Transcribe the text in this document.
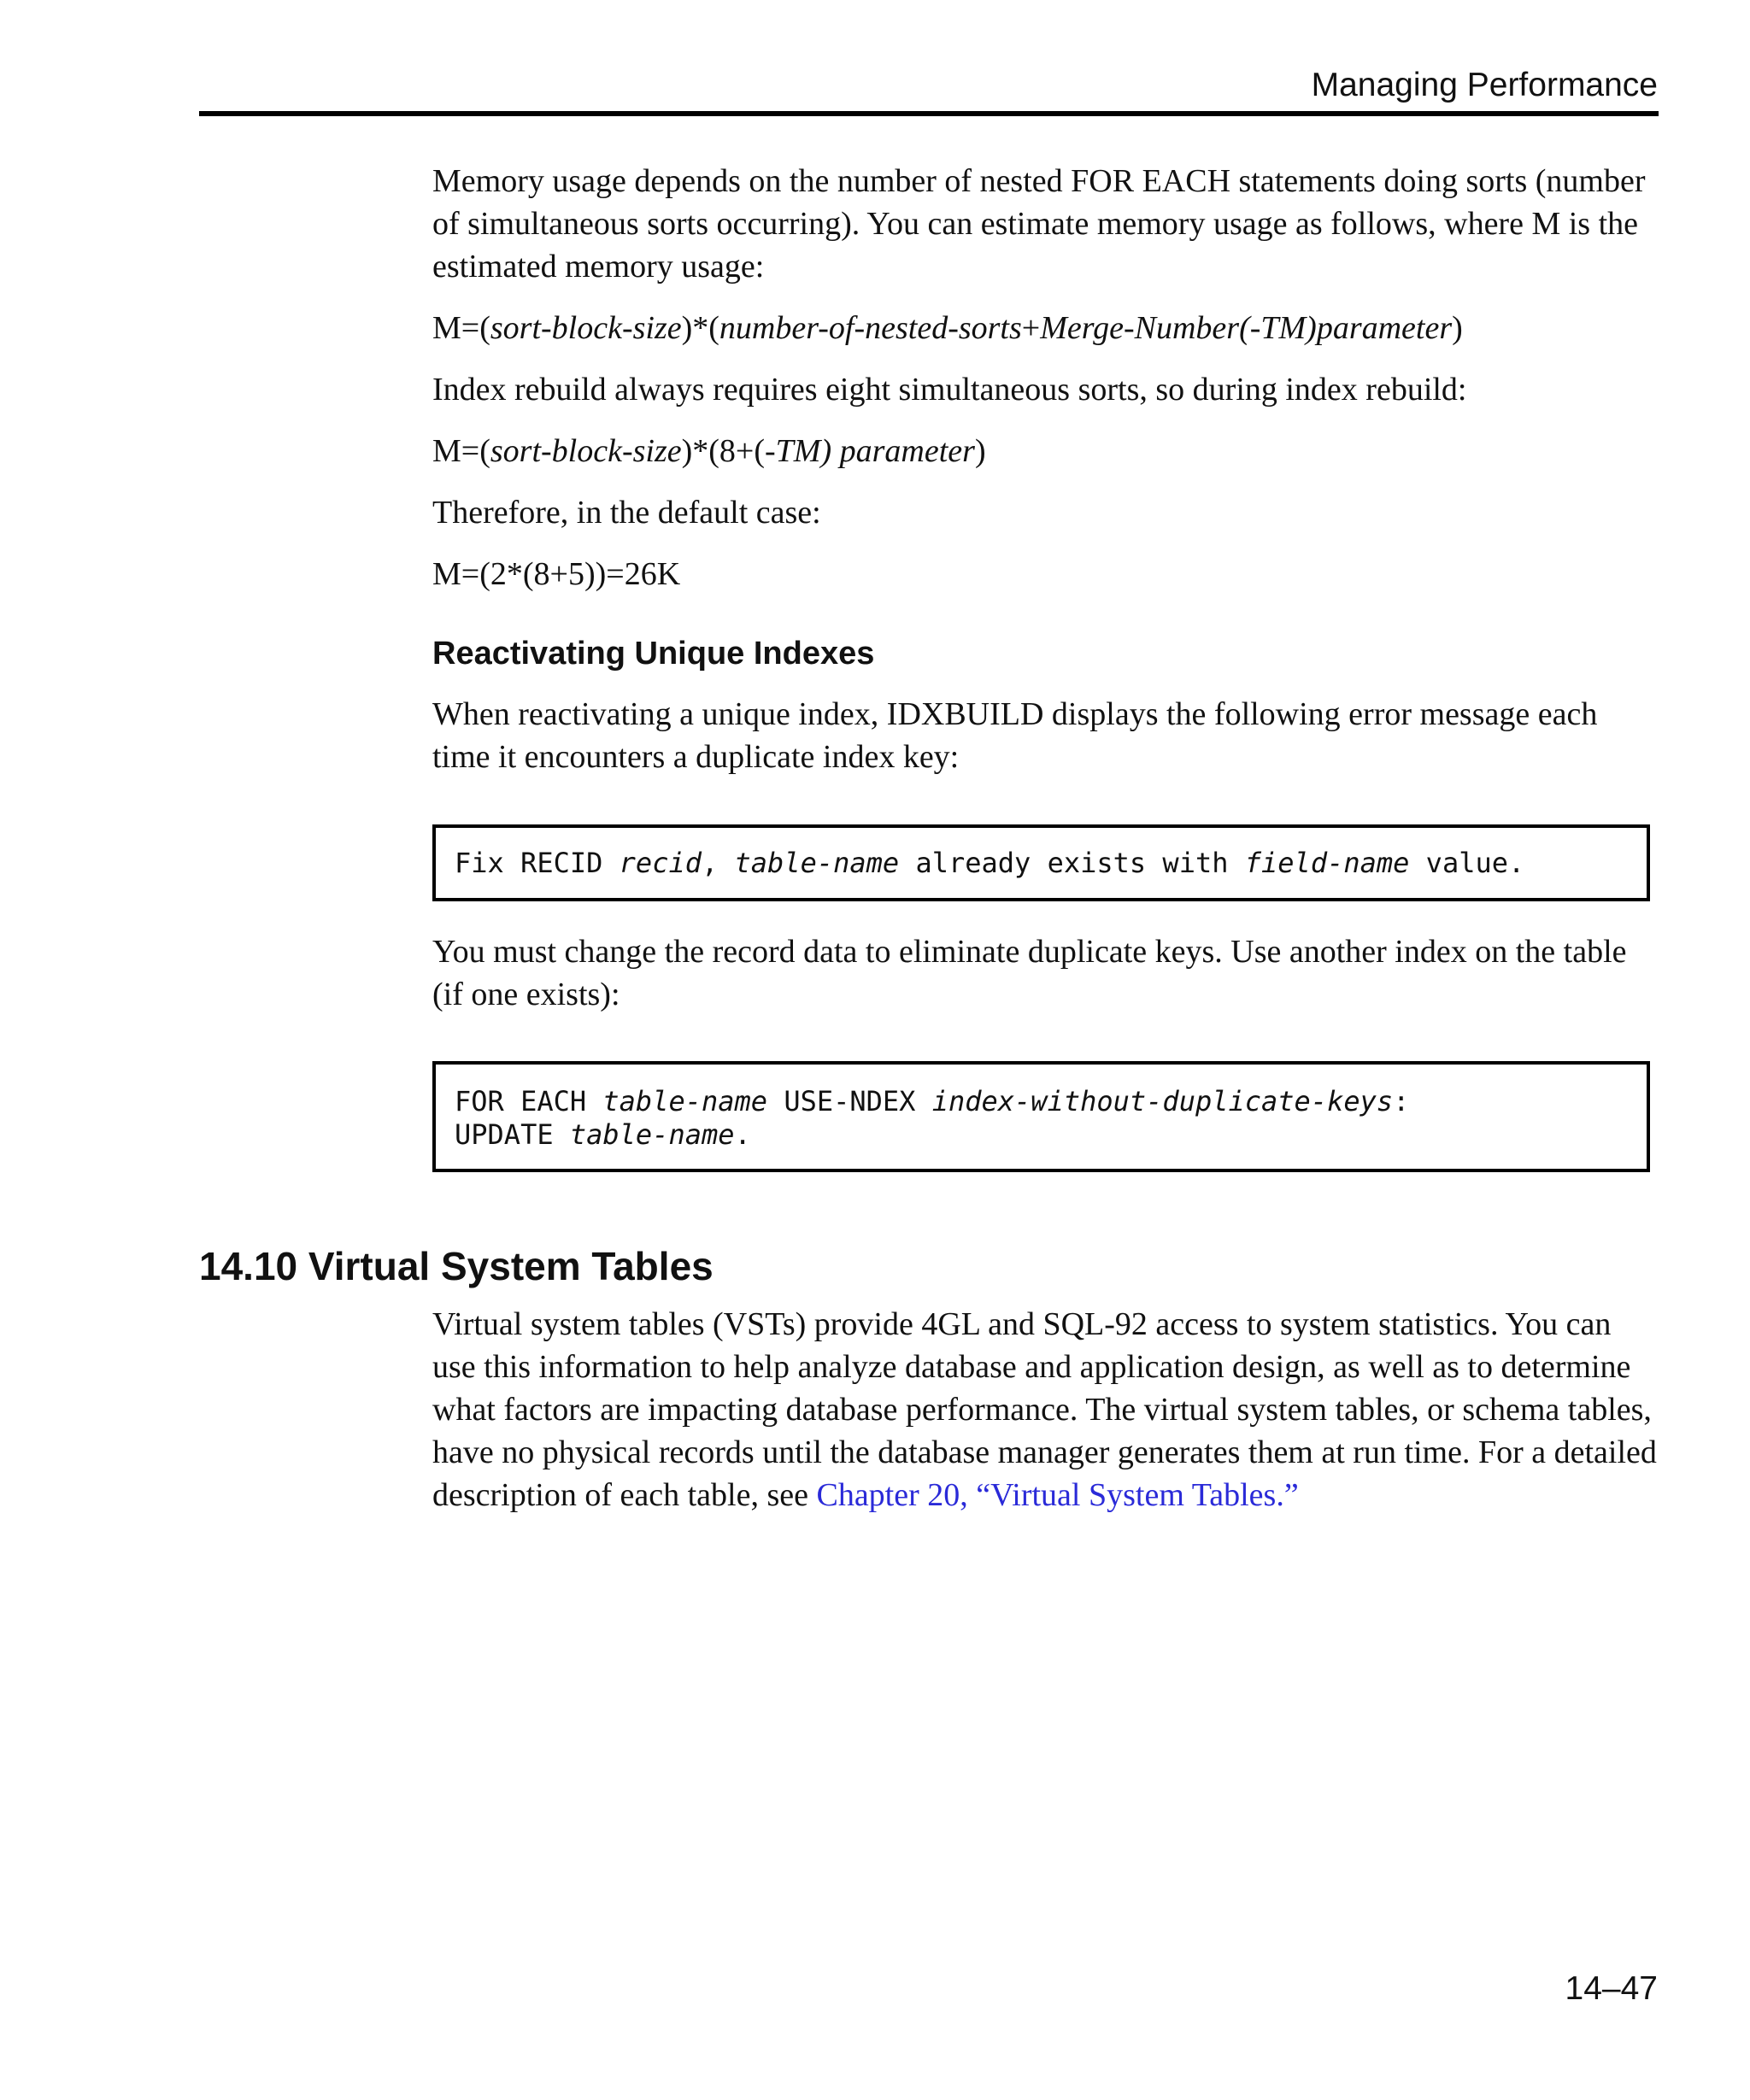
Managing Performance

Memory usage depends on the number of nested FOR EACH statements doing sorts (number of simultaneous sorts occurring). You can estimate memory usage as follows, where M is the estimated memory usage:

M=(sort-block-size)*(number-of-nested-sorts+Merge-Number(-TM)parameter)

Index rebuild always requires eight simultaneous sorts, so during index rebuild:

M=(sort-block-size)*(8+(-TM) parameter)

Therefore, in the default case:

M=(2*(8+5))=26K

Reactivating Unique Indexes

When reactivating a unique index, IDXBUILD displays the following error message each time it encounters a duplicate index key:

Fix RECID recid, table-name already exists with field-name value.

You must change the record data to eliminate duplicate keys. Use another index on the table (if one exists):

FOR EACH table-name USE-NDEX index-without-duplicate-keys:
UPDATE table-name.
14.10 Virtual System Tables

Virtual system tables (VSTs) provide 4GL and SQL-92 access to system statistics. You can use this information to help analyze database and application design, as well as to determine what factors are impacting database performance. The virtual system tables, or schema tables, have no physical records until the database manager generates them at run time. For a detailed description of each table, see Chapter 20, “Virtual System Tables.”

14–47
